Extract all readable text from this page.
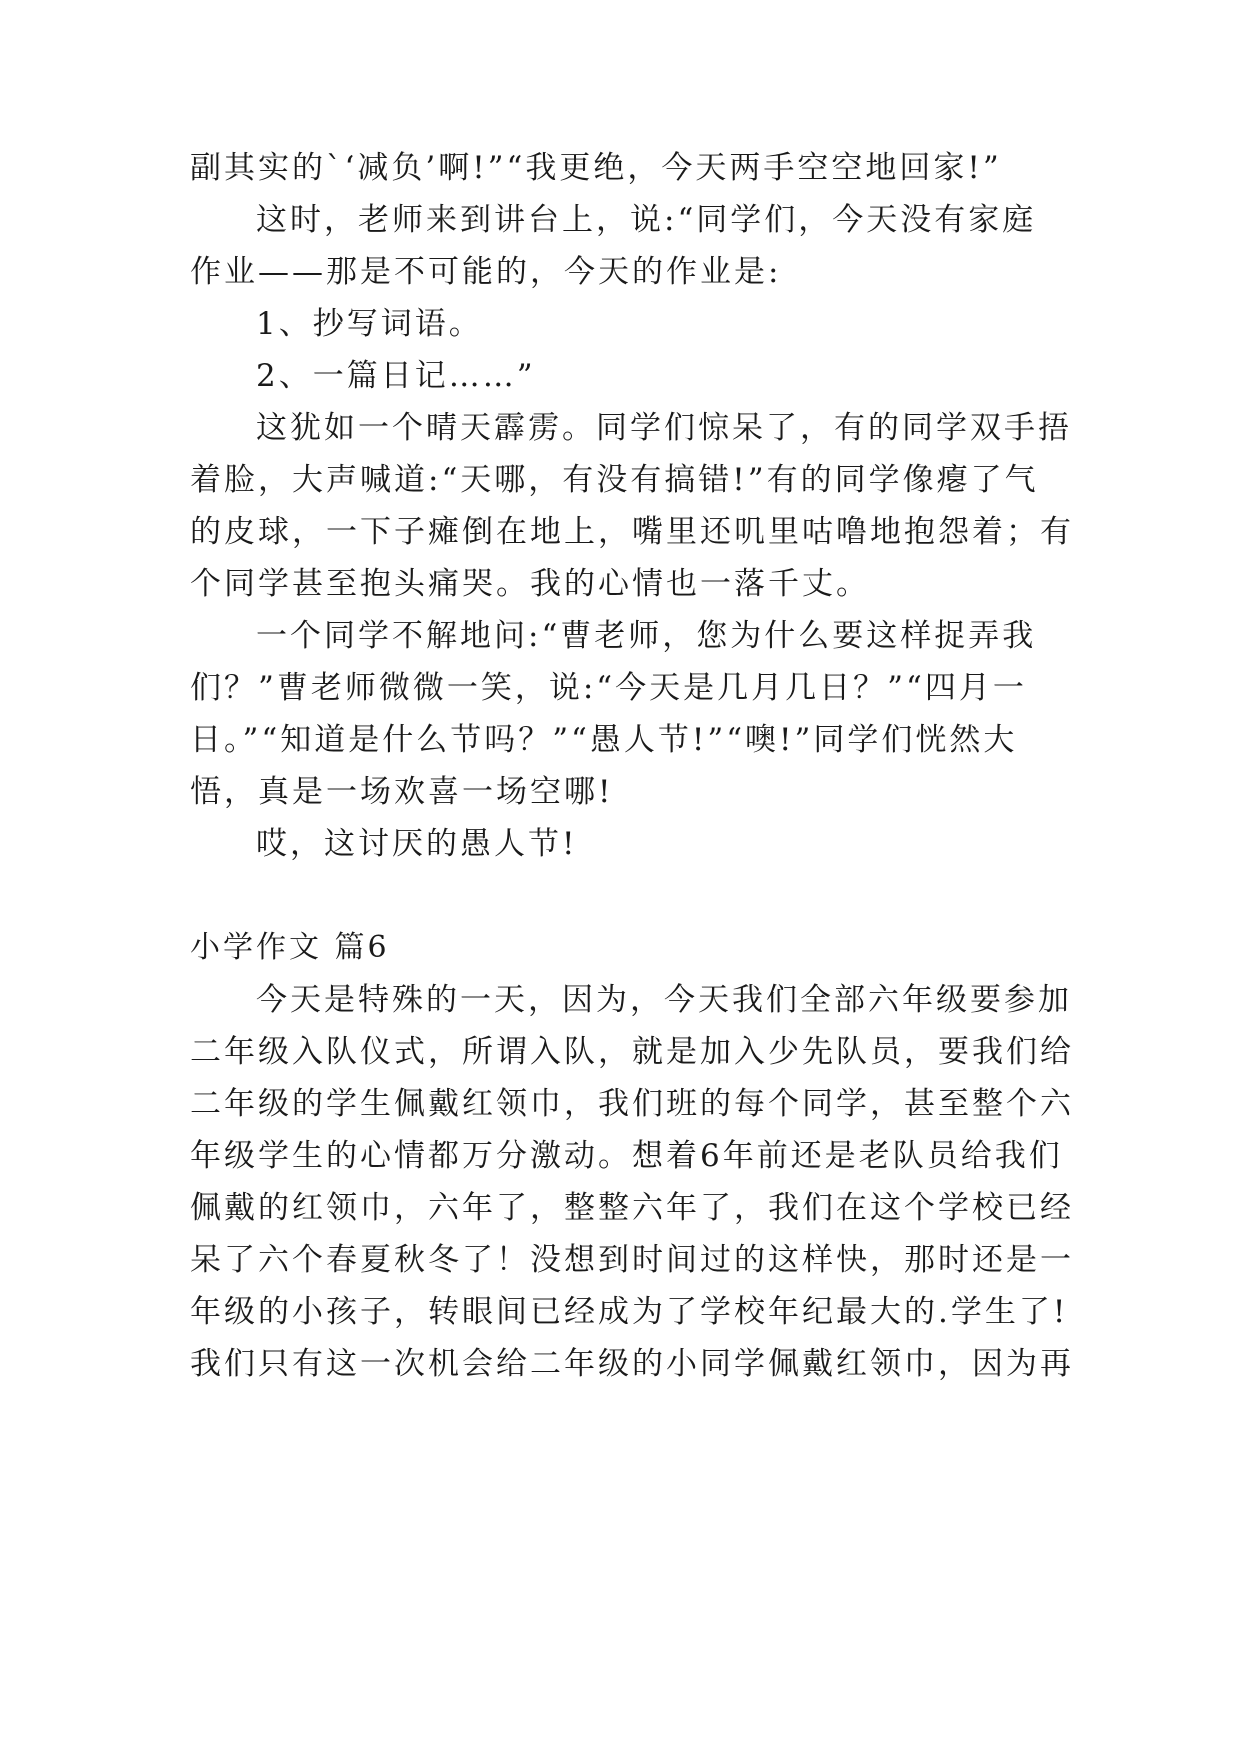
副其实的`‘减负’啊!”“我更绝，今天两手空空地回家!”
这时，老师来到讲台上，说:“同学们，今天没有家庭
作业——那是不可能的，今天的作业是:
1、抄写词语。
2、一篇日记……”
这犹如一个晴天霹雳。同学们惊呆了，有的同学双手捂
着脸，大声喊道:“天哪，有没有搞错!”有的同学像瘪了气
的皮球，一下子瘫倒在地上，嘴里还叽里咕噜地抱怨着；有
个同学甚至抱头痛哭。我的心情也一落千丈。
一个同学不解地问:“曹老师，您为什么要这样捉弄我
们？”曹老师微微一笑，说:“今天是几月几日？”“四月一
日。”“知道是什么节吗？”“愚人节!”“噢!”同学们恍然大
悟，真是一场欢喜一场空哪!
哎，这讨厌的愚人节!
小学作文 篇6
今天是特殊的一天，因为，今天我们全部六年级要参加
二年级入队仪式，所谓入队，就是加入少先队员，要我们给
二年级的学生佩戴红领巾，我们班的每个同学，甚至整个六
年级学生的心情都万分激动。想着6年前还是老队员给我们
佩戴的红领巾，六年了，整整六年了，我们在这个学校已经
呆了六个春夏秋冬了！没想到时间过的这样快，那时还是一
年级的小孩子，转眼间已经成为了学校年纪最大的.学生了!
我们只有这一次机会给二年级的小同学佩戴红领巾，因为再
